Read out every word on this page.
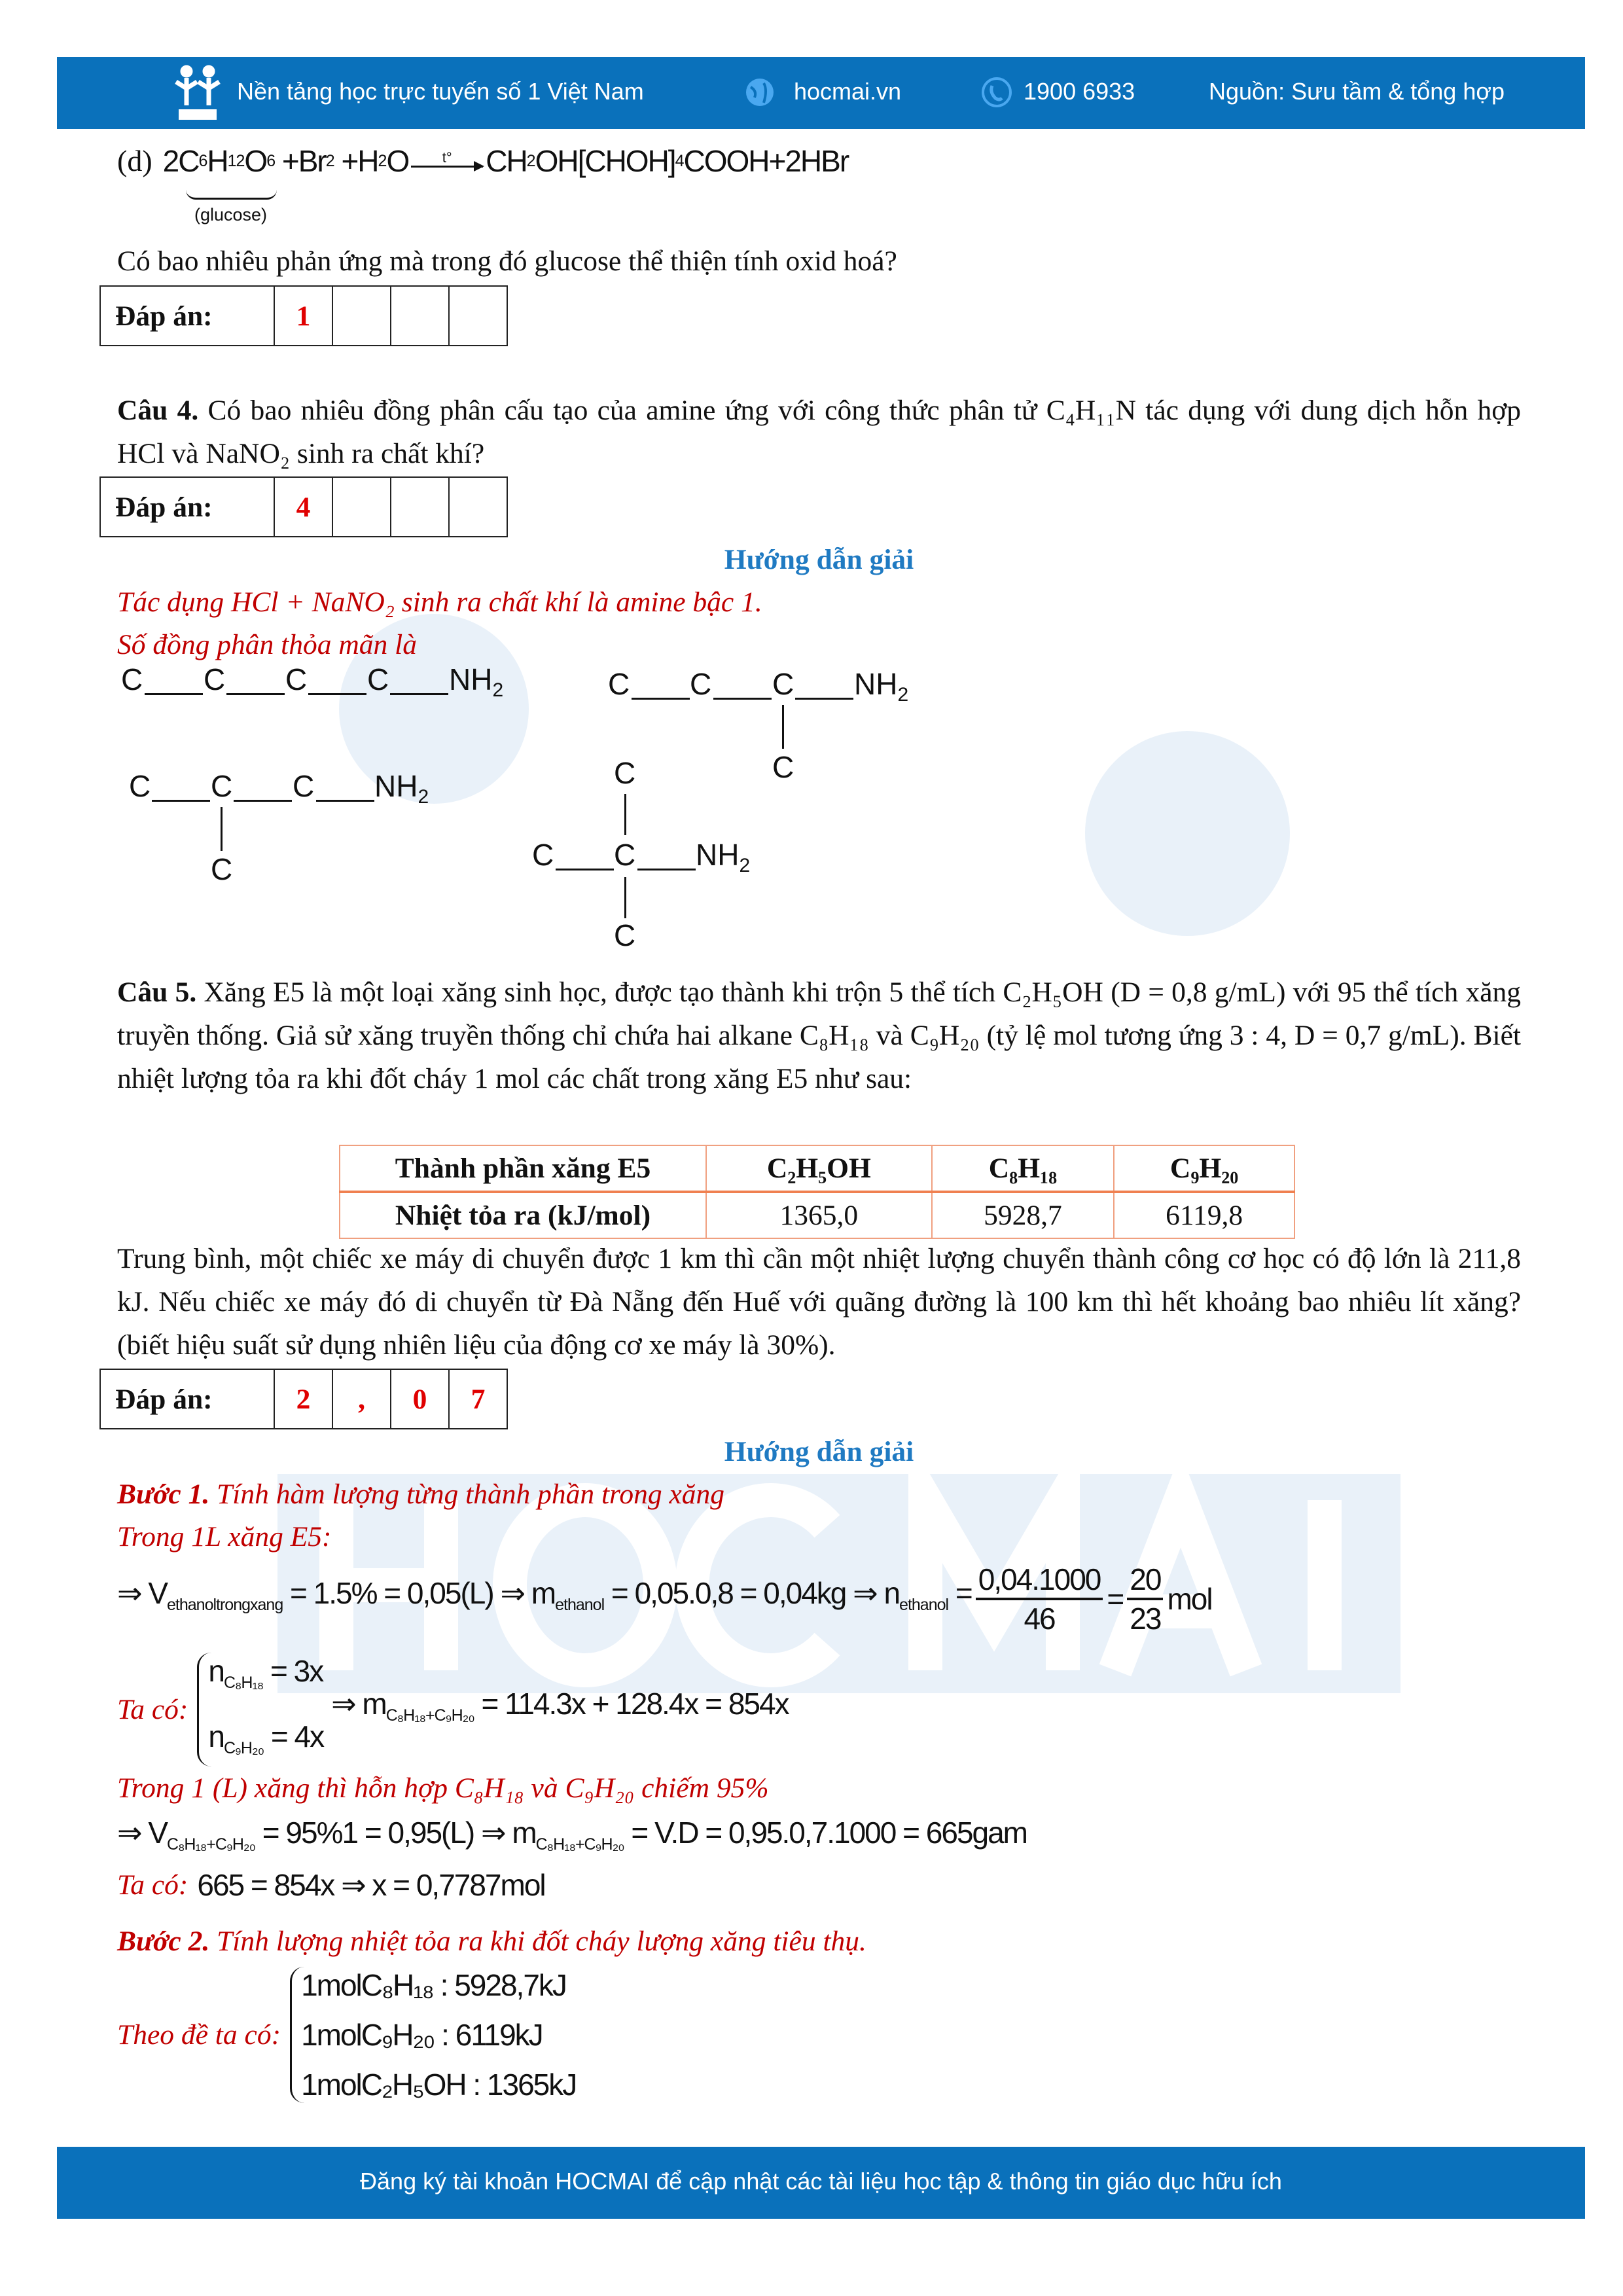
Nền tảng học trực tuyến số 1 Việt Nam	hocmai.vn	1900 6933	Nguồn: Sưu tầm & tổng hợp
(d) 2C 6 H 12 O 6
+Br 2
+H 2 O t° CH 2 OH[CHOH] 4 COOH+2HBr
(glucose)
Có bao nhiêu phản ứng mà trong đó glucose thể thiện tính oxid hoá?
Đáp án:	1
Câu 4. Có bao nhiêu đồng phân cấu tạo của amine ứng với công thức phân tử C₄H₁₁N tác dụng với dung dịch hỗn hợp HCl và NaNO₂ sinh ra chất khí?
Đáp án:	4
Hướng dẫn giải
Tác dụng HCl + NaNO₂ sinh ra chất khí là amine bậc 1.
Số đồng phân thỏa mãn là
C C C C $NH_2$	C C C $NH_2$
C
C C C $NH_2$
C
C
C C $NH_2$
C
Câu 5. Xăng E5 là một loại xăng sinh học, được tạo thành khi trộn 5 thể tích C₂H₅OH (D = 0,8 g/mL) với 95 thể tích xăng truyền thống. Giả sử xăng truyền thống chỉ chứa hai alkane C₈H₁₈ và C₉H₂₀ (tỷ lệ mol tương ứng 3 : 4, D = 0,7 g/mL). Biết nhiệt lượng tỏa ra khi đốt cháy 1 mol các chất trong xăng E5 như sau:
Thành phần xăng E5	C₂H₅OH	C₈H₁₈	C₉H₂₀
Nhiệt tỏa ra (kJ/mol)	1365,0	5928,7	6119,8
Trung bình, một chiếc xe máy di chuyển được 1 km thì cần một nhiệt lượng chuyển thành công cơ học có độ lớn là 211,8 kJ. Nếu chiếc xe máy đó di chuyển từ Đà Nẵng đến Huế với quãng đường là 100 km thì hết khoảng bao nhiêu lít xăng? (biết hiệu suất sử dụng nhiên liệu của động cơ xe máy là 30%).
Đáp án:	2	,	0	7
Hướng dẫn giải
Bước 1. Tính hàm lượng từng thành phần trong xăng
Trong 1L xăng E5:
⇒ $V_{ethanoltrongxang} = 1.5\% = 0,05(L)$ ⇒ $m_{ethanol} = 0,05.0,8 = 0,04kg$ ⇒ $n_{ethanol} = \frac{0,04.1000}{46} = \frac{20}{23}$ mol
Ta có:
$n_{C_8H_{18}} = 3x$
$n_{C_9H_{20}} = 4x$
⇒ $m_{C_8H_{18}+C_9H_{20}} = 114.3x + 128.4x = 854x$
Trong 1 (L) xăng thì hỗn hợp C₈H₁₈ và C₉H₂₀ chiếm 95%
⇒ $V_{C_8H_{18}+C_9H_{20}} = 95\%1 = 0,95(L)$ ⇒ $m_{C_8H_{18}+C_9H_{20}} = V.D = 0,95.0,7.1000 = 665gam$
Ta có: 665 = 854x ⇒ x = 0,7787mol
Bước 2. Tính lượng nhiệt tỏa ra khi đốt cháy lượng xăng tiêu thụ.
Theo đề ta có:
1molC₈H₁₈ : 5928,7kJ
1molC₉H₂₀ : 6119kJ
1molC₂H₅OH : 1365kJ
Đăng ký tài khoản HOCMAI để cập nhật các tài liệu học tập & thông tin giáo dục hữu ích
